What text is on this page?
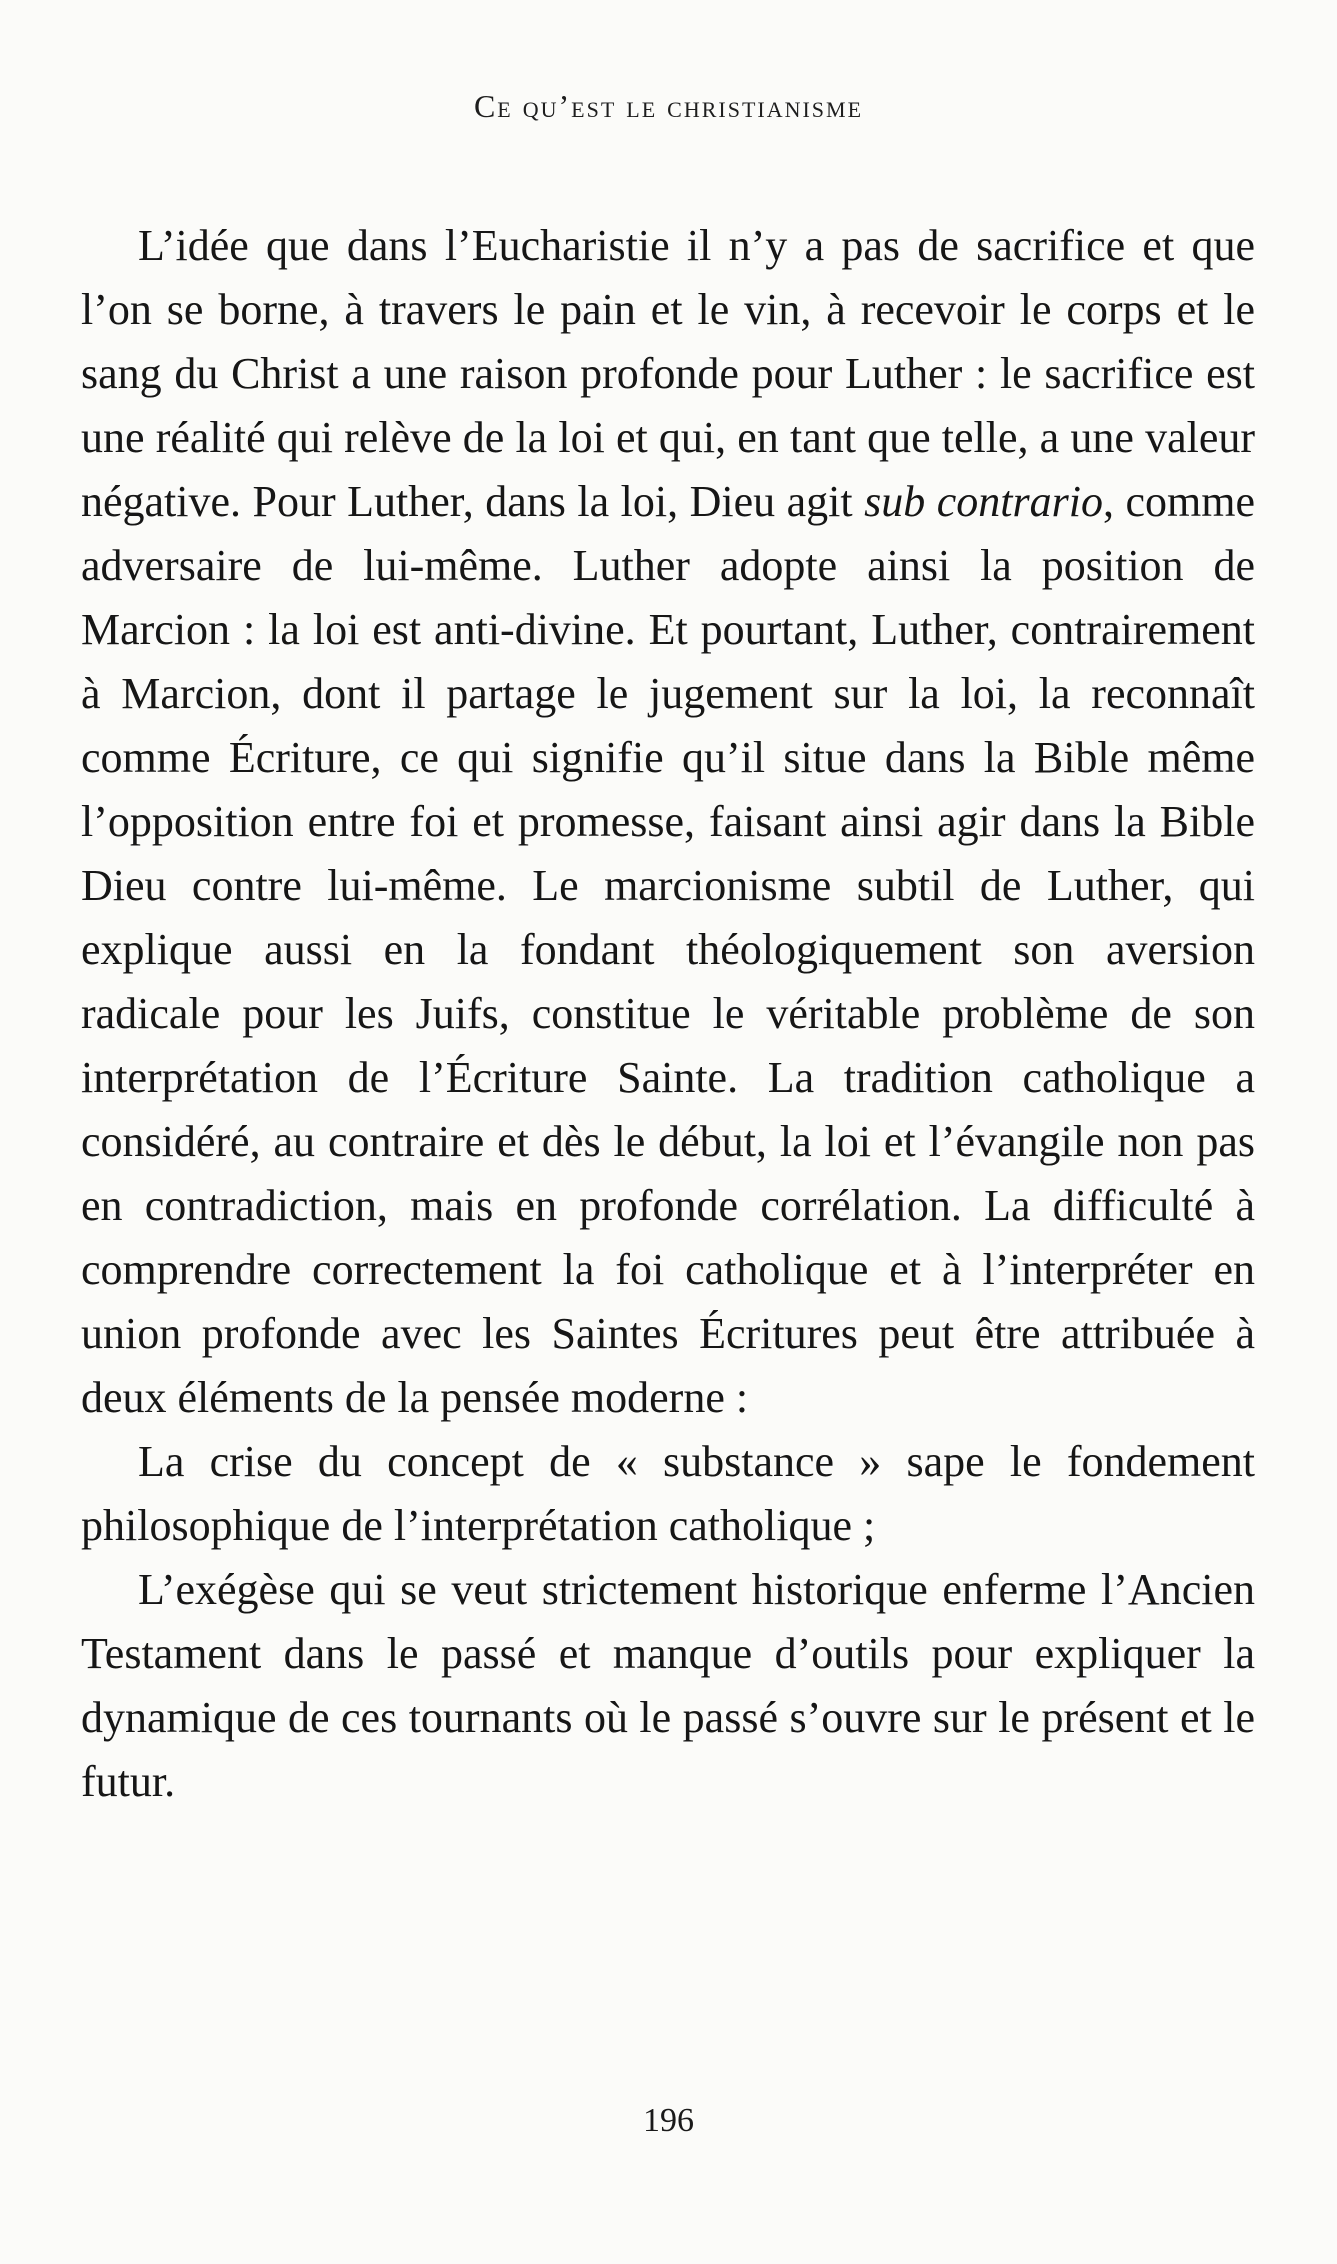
Ce qu’est le christianisme

L’idée que dans l’Eucharistie il n’y a pas de sacrifice et que l’on se borne, à travers le pain et le vin, à recevoir le corps et le sang du Christ a une raison profonde pour Luther : le sacrifice est une réalité qui relève de la loi et qui, en tant que telle, a une valeur négative. Pour Luther, dans la loi, Dieu agit sub contrario, comme adversaire de lui-même. Luther adopte ainsi la position de Marcion : la loi est anti-divine. Et pourtant, Luther, contrairement à Marcion, dont il partage le jugement sur la loi, la reconnaît comme Écriture, ce qui signifie qu’il situe dans la Bible même l’opposition entre foi et promesse, faisant ainsi agir dans la Bible Dieu contre lui-même. Le marcionisme subtil de Luther, qui explique aussi en la fondant théologiquement son aversion radicale pour les Juifs, constitue le véritable problème de son interprétation de l’Écriture Sainte. La tradition catholique a considéré, au contraire et dès le début, la loi et l’évangile non pas en contradiction, mais en profonde corrélation. La difficulté à comprendre correctement la foi catholique et à l’interpréter en union profonde avec les Saintes Écritures peut être attribuée à deux éléments de la pensée moderne :

La crise du concept de « substance » sape le fondement philosophique de l’interprétation catholique ;

L’exégèse qui se veut strictement historique enferme l’Ancien Testament dans le passé et manque d’outils pour expliquer la dynamique de ces tournants où le passé s’ouvre sur le présent et le futur.

196
